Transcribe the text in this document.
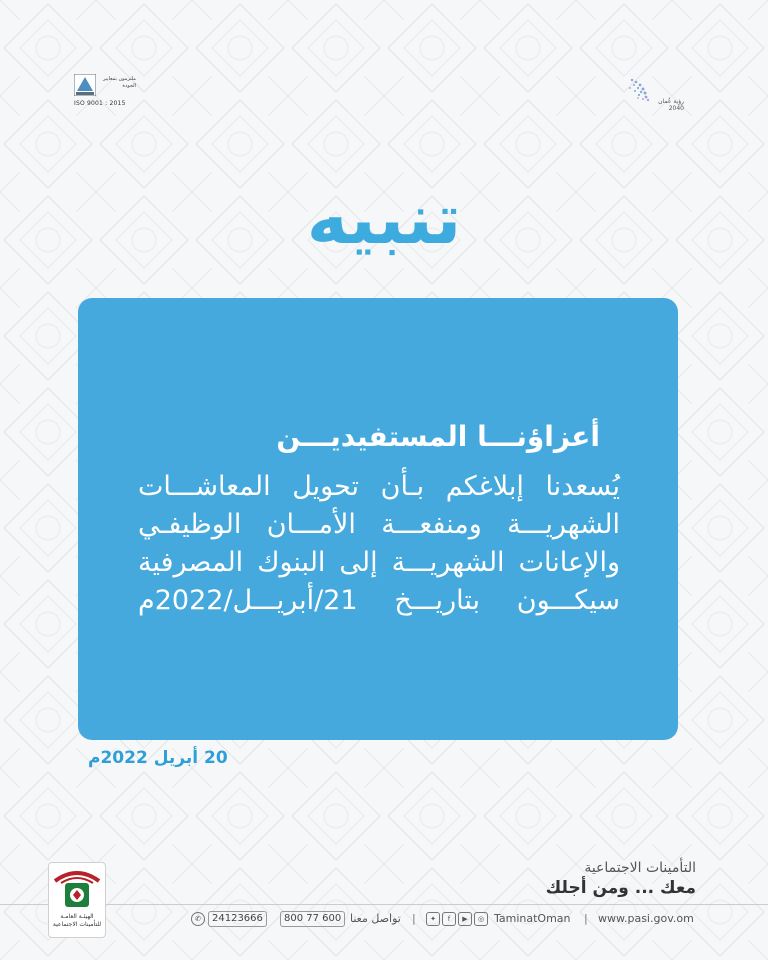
ملتزمون بمعايير الجودة
ISO 9001 : 2015	رؤية عُمان 2040
تنبيه
أعزاؤنـــا المستفيديـــن
يُسعدنا إبلاغكم بـأن تحويل المعاشـــات
الشهريـــة ومنفعـــة الأمـــان الوظيفـي
والإعانات الشهريـــة إلى البنوك المصرفية
سيكـــون بتاريـــخ 21/أبريـــل/2022م
20 أبريل 2022م
الهيئـة العامـة للتأمينات الاجتماعية
التأمينات الاجتماعية
معك ... ومن أجلك
www.pasi.gov.om
|
TaminatOman
◎
▶
f
✦
|
تواصل معنا
800 77 600
24123666
✆
